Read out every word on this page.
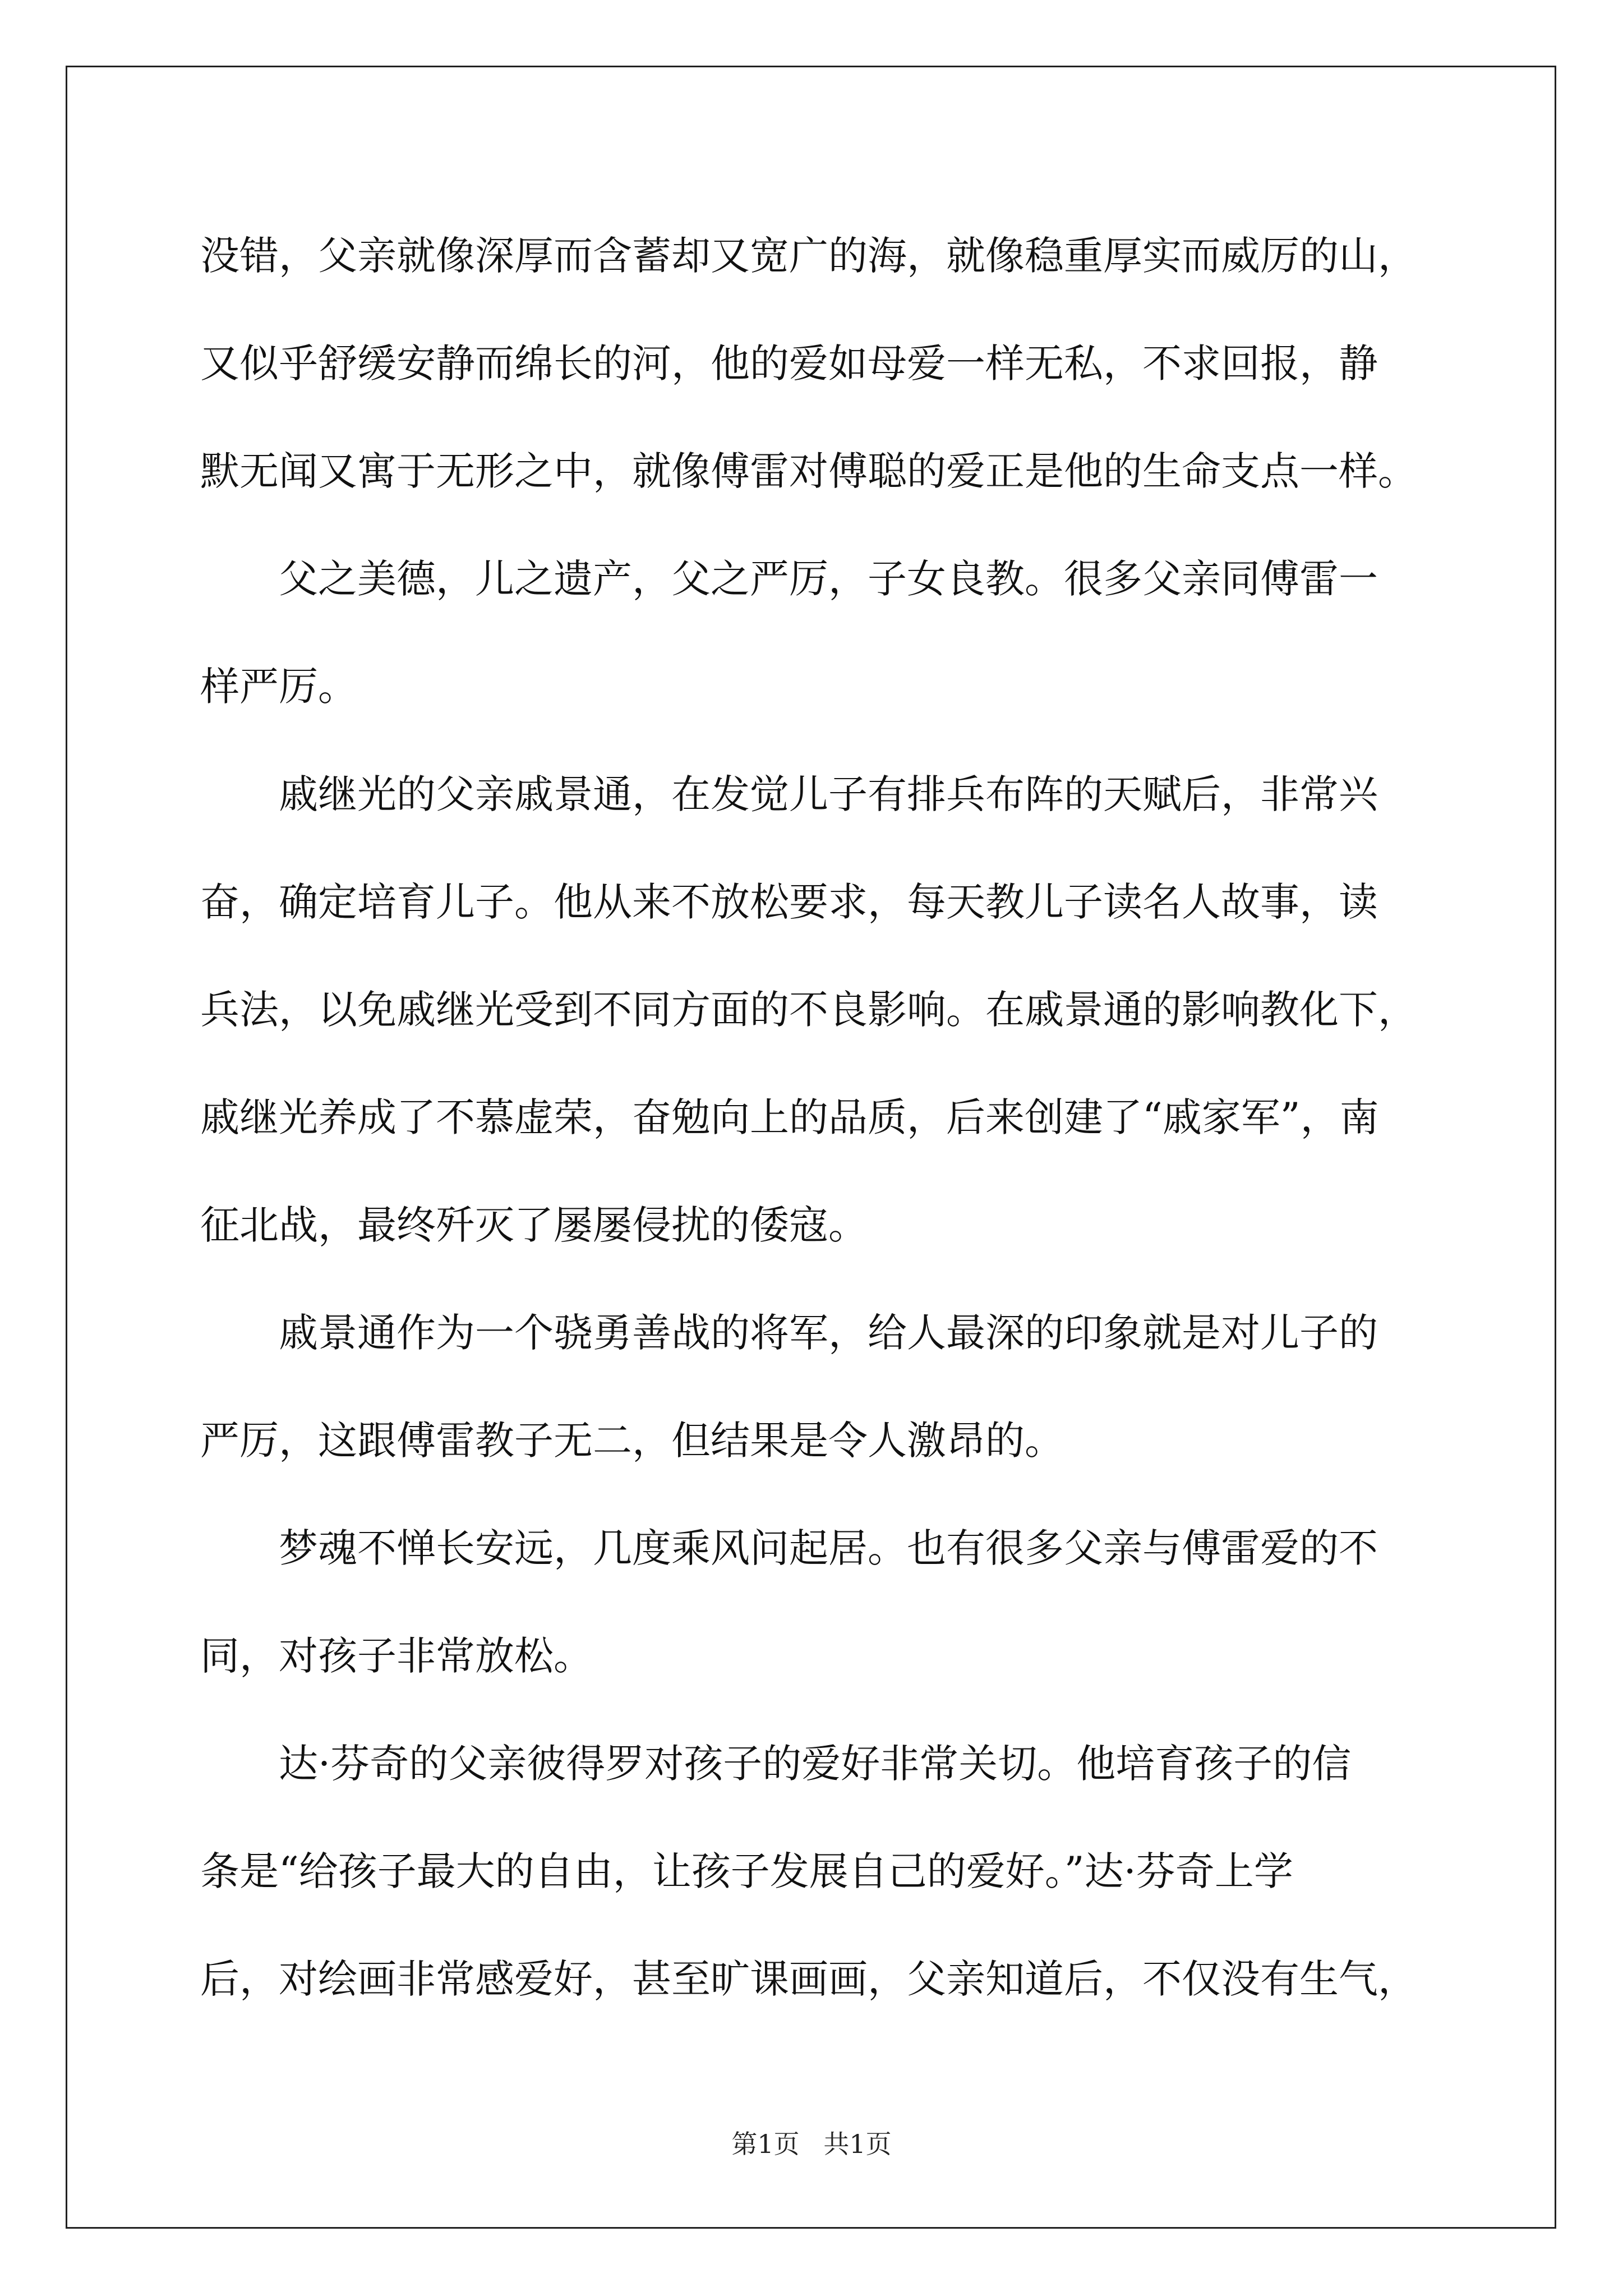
没错，父亲就像深厚而含蓄却又宽广的海，就像稳重厚实而威厉的山，
又似乎舒缓安静而绵长的河，他的爱如母爱一样无私，不求回报，静
默无闻又寓于无形之中，就像傅雷对傅聪的爱正是他的生命支点一样。
　　父之美德，儿之遗产，父之严厉，子女良教。很多父亲同傅雷一
样严厉。
　　戚继光的父亲戚景通，在发觉儿子有排兵布阵的天赋后，非常兴
奋，确定培育儿子。他从来不放松要求，每天教儿子读名人故事，读
兵法，以免戚继光受到不同方面的不良影响。在戚景通的影响教化下，
戚继光养成了不慕虚荣，奋勉向上的品质，后来创建了“戚家军”，南
征北战，最终歼灭了屡屡侵扰的倭寇。
　　戚景通作为一个骁勇善战的将军，给人最深的印象就是对儿子的
严厉，这跟傅雷教子无二，但结果是令人激昂的。
　　梦魂不惮长安远，几度乘风问起居。也有很多父亲与傅雷爱的不
同，对孩子非常放松。
　　达·芬奇的父亲彼得罗对孩子的爱好非常关切。他培育孩子的信
条是“给孩子最大的自由，让孩子发展自己的爱好。”达·芬奇上学
后，对绘画非常感爱好，甚至旷课画画，父亲知道后，不仅没有生气，
第1页 共1页
